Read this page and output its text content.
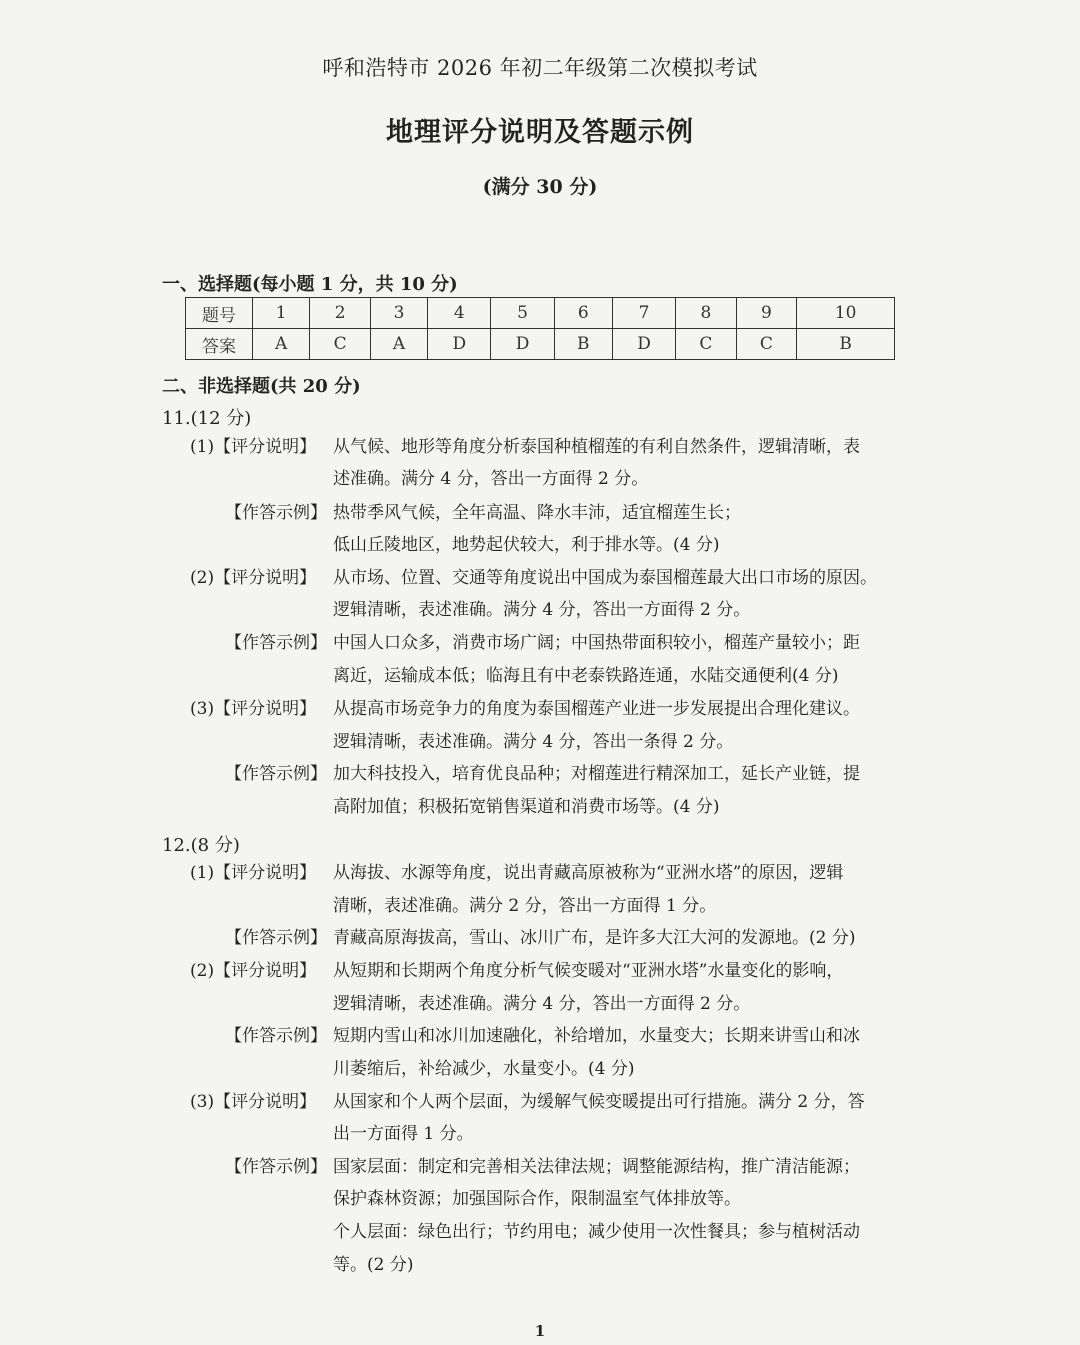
呼和浩特市 2026 年初二年级第二次模拟考试
地理评分说明及答题示例
(满分 30 分)
一、选择题(每小题 1 分，共 10 分)
题号	1	2	3	4	5	6	7	8	9	10
答案	A	C	A	D	D	B	D	C	C	B
二、非选择题(共 20 分)
11.(12 分)
(1)【评分说明】 从气候、地形等角度分析泰国种植榴莲的有利自然条件，逻辑清晰，表
述准确。满分 4 分，答出一方面得 2 分。
【作答示例】 热带季风气候，全年高温、降水丰沛，适宜榴莲生长；
低山丘陵地区，地势起伏较大，利于排水等。(4 分)
(2)【评分说明】 从市场、位置、交通等角度说出中国成为泰国榴莲最大出口市场的原因。
逻辑清晰，表述准确。满分 4 分，答出一方面得 2 分。
【作答示例】 中国人口众多，消费市场广阔；中国热带面积较小，榴莲产量较小；距
离近，运输成本低；临海且有中老泰铁路连通，水陆交通便利(4 分)
(3)【评分说明】 从提高市场竞争力的角度为泰国榴莲产业进一步发展提出合理化建议。
逻辑清晰，表述准确。满分 4 分，答出一条得 2 分。
【作答示例】 加大科技投入，培育优良品种；对榴莲进行精深加工，延长产业链，提
高附加值；积极拓宽销售渠道和消费市场等。(4 分)
12.(8 分)
(1)【评分说明】 从海拔、水源等角度，说出青藏高原被称为“亚洲水塔”的原因，逻辑
清晰，表述准确。满分 2 分，答出一方面得 1 分。
【作答示例】 青藏高原海拔高，雪山、冰川广布，是许多大江大河的发源地。(2 分)
(2)【评分说明】 从短期和长期两个角度分析气候变暖对“亚洲水塔”水量变化的影响，
逻辑清晰，表述准确。满分 4 分，答出一方面得 2 分。
【作答示例】 短期内雪山和冰川加速融化，补给增加，水量变大；长期来讲雪山和冰
川萎缩后，补给减少，水量变小。(4 分)
(3)【评分说明】 从国家和个人两个层面，为缓解气候变暖提出可行措施。满分 2 分，答
出一方面得 1 分。
【作答示例】 国家层面：制定和完善相关法律法规；调整能源结构，推广清洁能源；
保护森林资源；加强国际合作，限制温室气体排放等。
个人层面：绿色出行；节约用电；减少使用一次性餐具；参与植树活动
等。(2 分)
1
